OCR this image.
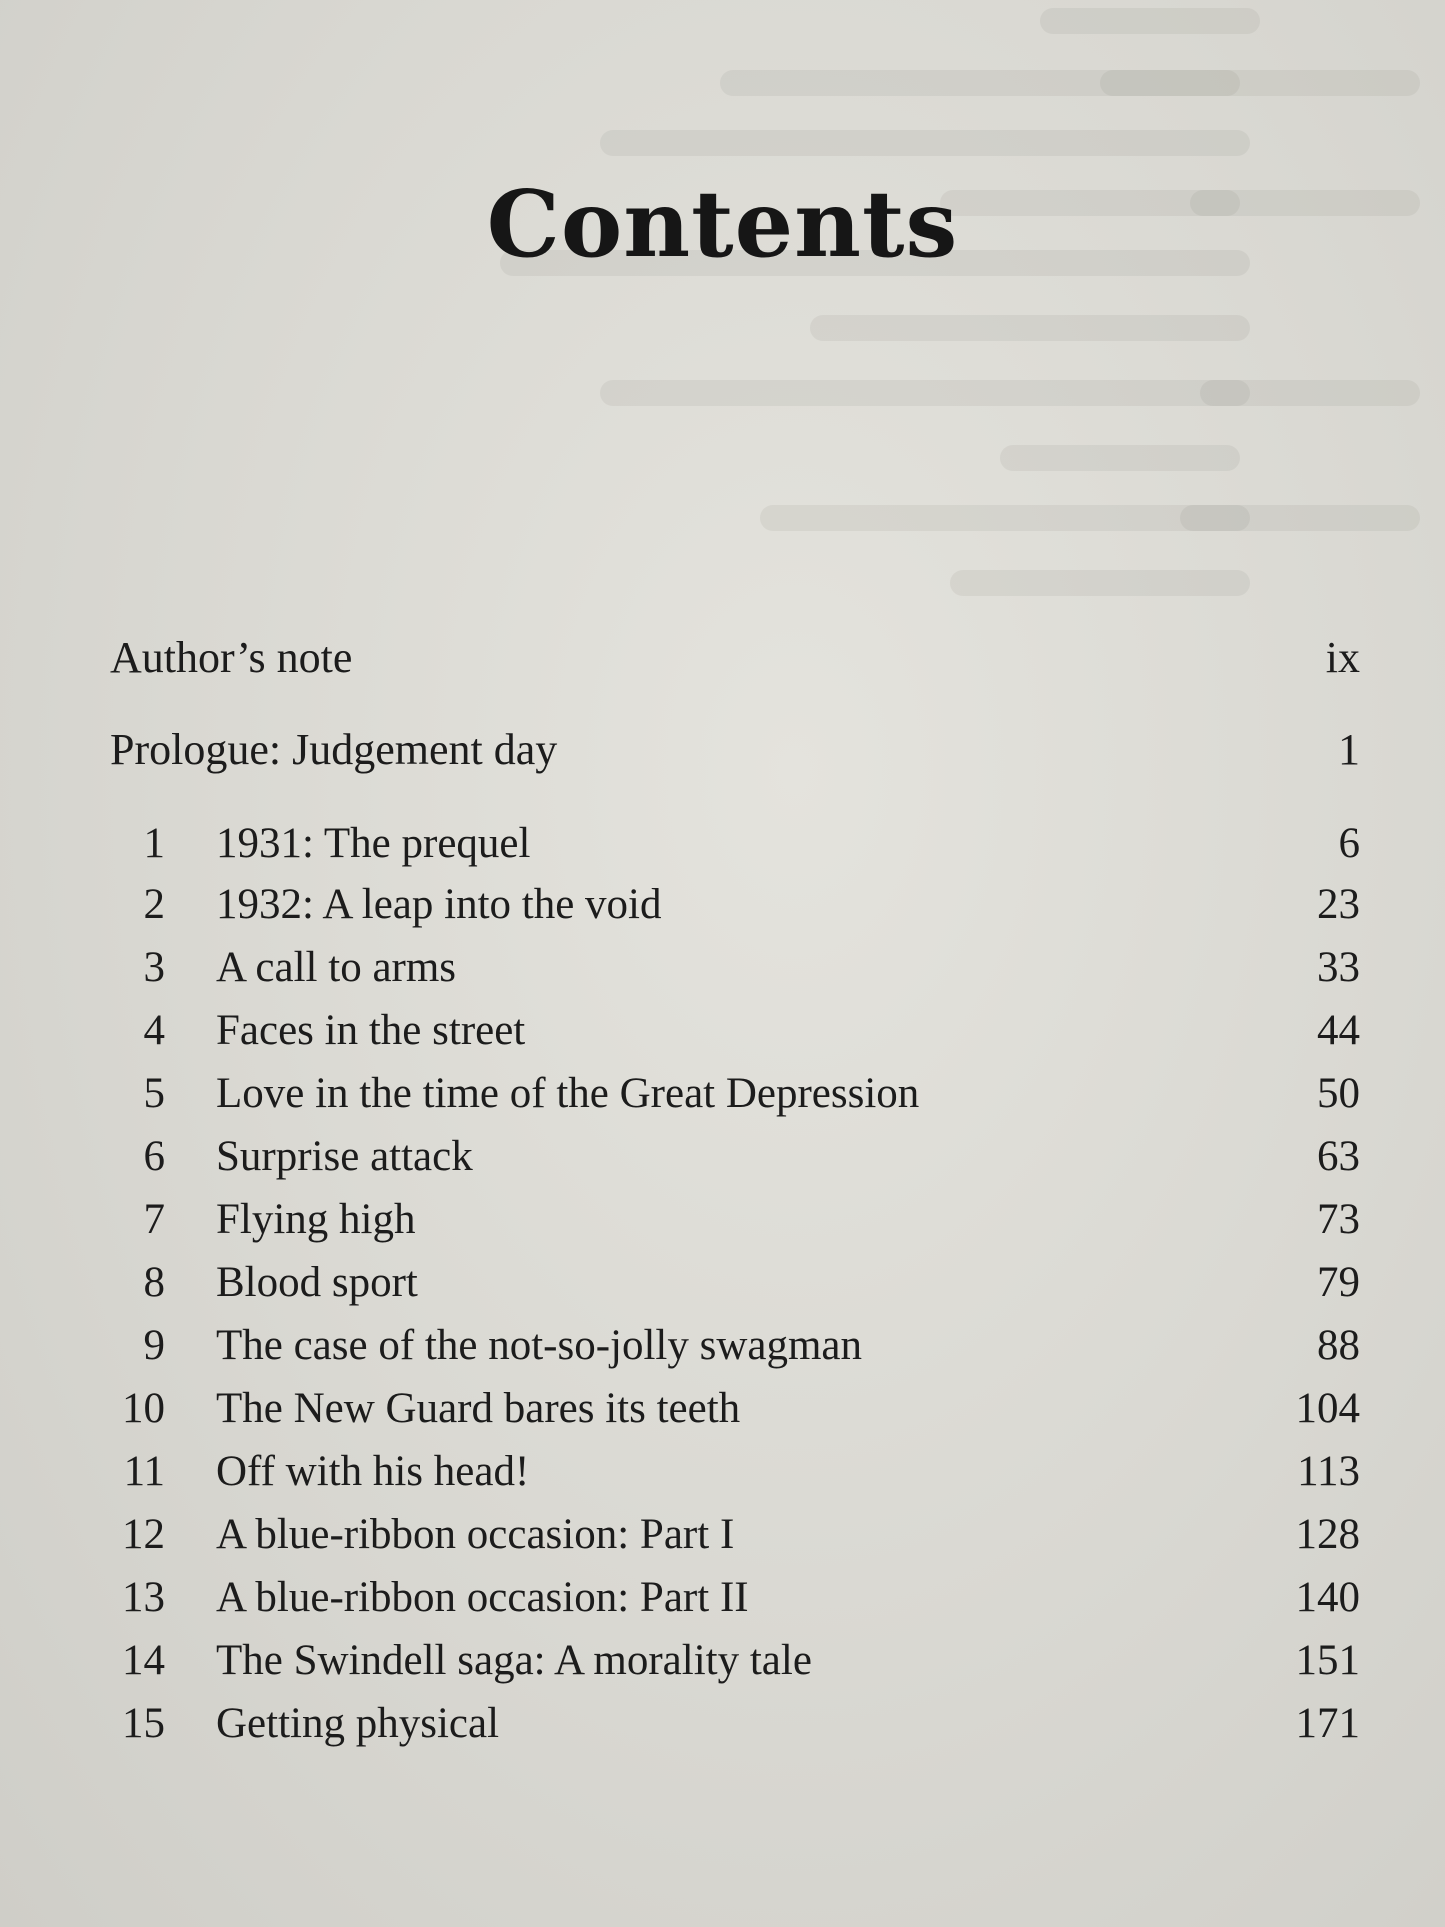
Contents
Author’s note	ix
Prologue: Judgement day	1
1 1931: The prequel	6
2 1932: A leap into the void	23
3 A call to arms	33
4 Faces in the street	44
5 Love in the time of the Great Depression	50
6 Surprise attack	63
7 Flying high	73
8 Blood sport	79
9 The case of the not-so-jolly swagman	88
10 The New Guard bares its teeth	104
11 Off with his head!	113
12 A blue-ribbon occasion: Part I	128
13 A blue-ribbon occasion: Part II	140
14 The Swindell saga: A morality tale	151
15 Getting physical	171
